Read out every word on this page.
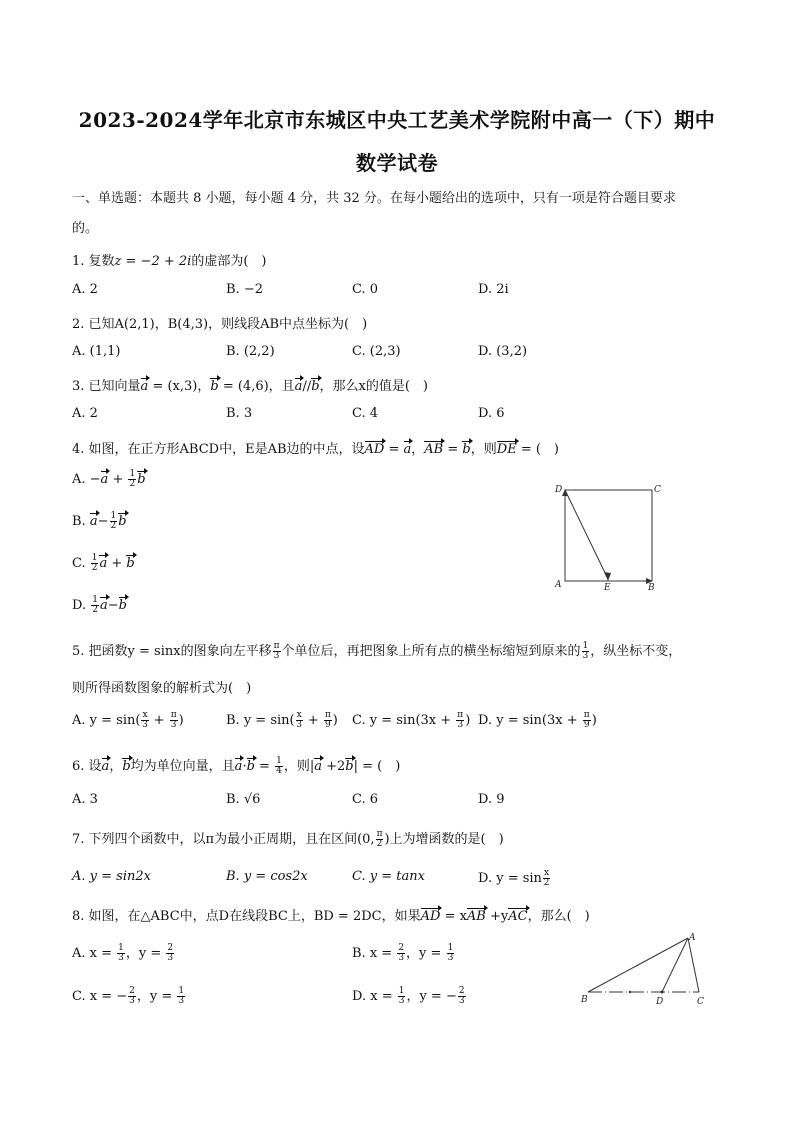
2023-2024学年北京市东城区中央工艺美术学院附中高一（下）期中
数学试卷
一、单选题：本题共 8 小题，每小题 4 分，共 32 分。在每小题给出的选项中，只有一项是符合题目要求
的。
1. 复数z = −2 + 2i的虚部为(　)
A. 2	B. −2	C. 0	D. 2i
2. 已知A(2,1)，B(4,3)，则线段AB中点坐标为(　)
A. (1,1)	B. (2,2)	C. (2,3)	D. (3,2)
3. 已知向量a = (x,3)，b = (4,6)，且a//b，那么x的值是(　)
A. 2	B. 3	C. 4	D. 6
4. 如图，在正方形ABCD中，E是AB边的中点，设AD = a，AB = b，则DE = (　)
A. $-a + \frac{1}{2}$ b
B. $a- \frac{1}{2}$ b
C. $\frac{1}{2}$ a + b
D. $\frac{1}{2} a-b$
D	C
A	E	B
5. 把函数y = sinx的图象向左平移 $\frac{\pi}{3}$ 个单位后，再把图象上所有点的横坐标缩短到原来的 $\frac{1}{3}$ ，纵坐标不变，
则所得函数图象的解析式为(　)
A. $y = \sin( \frac{x}{3} + \frac{\pi}{3}$ )	B. $y = \sin( \frac{x}{3} + \frac{\pi}{9}$ ) C. $y = \sin(3x + \frac{\pi}{3}$ ) D. $y = \sin(3x + \frac{\pi}{9}$ )
6. 设a，b均为单位向量，且$a\cdot b = \frac{1}{4}$ ，则|a +2b| = (　)
A. 3	B. √6	C. 6	D. 9
7. 下列四个函数中，以π为最小正周期，且在区间(0, $\frac{\pi}{2}$ )上为增函数的是(　)
A. y = sin2x	B. y = cos2x	C. y = tanx	D. $y = \sin \frac{x}{2}$
8. 如图，在△ABC中，点D在线段BC上，BD = 2DC，如果AD = xAB +yAC，那么(　)
A. $x = \frac{1}{3}$ ，$y = \frac{2}{3}$	B. $x = \frac{2}{3}$ ，$y = \frac{1}{3}$
C. x = − $\frac{2}{3}$ ，$y = \frac{1}{3}$	D. $x = \frac{1}{3}$ ，y = − $\frac{2}{3}$
A
B	D	C
